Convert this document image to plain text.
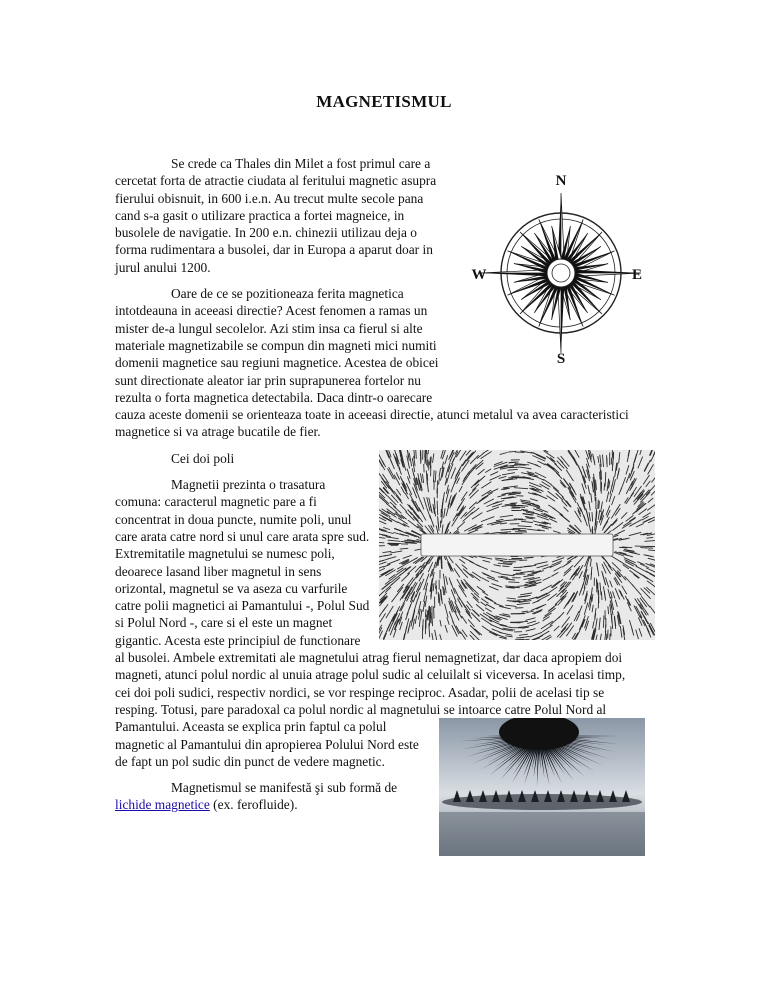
MAGNETISMUL
N
S
E
W

Se crede ca Thales din Milet a fost primul care a cercetat forta de atractie ciudata al feritului magnetic asupra fierului obisnuit, in 600 i.e.n. Au trecut multe secole pana cand s-a gasit o utilizare practica a fortei magneice, in busolele de navigatie. In 200 e.n. chinezii utilizau deja o forma rudimentara a busolei, dar in Europa a aparut doar in jurul anului 1200.

Oare de ce se pozitioneaza ferita magnetica intotdeauna in aceeasi directie? Acest fenomen a ramas un mister de-a lungul secolelor. Azi stim insa ca fierul si alte materiale magnetizabile se compun din magneti mici numiti domenii magnetice sau regiuni magnetice. Acestea de obicei sunt directionate aleator iar prin suprapunerea fortelor nu rezulta o forta magnetica detectabila. Daca dintr-o oarecare cauza aceste domenii se orienteaza toate in aceeasi directie, atunci metalul va avea caracteristici magnetice si va atrage bucatile de fier.

Cei doi poli

Magnetii prezinta o trasatura comuna: caracterul magnetic pare a fi concentrat in doua puncte, numite poli, unul care arata catre nord si unul care arata spre sud. Extremitatile magnetului se numesc poli, deoarece lasand liber magnetul in sens orizontal, magnetul se va aseza cu varfurile catre polii magnetici ai Pamantului -, Polul Sud si Polul Nord -, care si el este un magnet gigantic. Acesta este principiul de functionare al busolei. Ambele extremitati ale magnetului atrag fierul nemagnetizat, dar daca apropiem doi magneti, atunci polul nordic al unuia atrage polul sudic al celuilalt si viceversa. In acelasi timp, cei doi poli sudici, respectiv nordici, se vor respinge reciproc. Asadar, polii de acelasi tip se resping. Totusi, pare paradoxal ca polul nordic al magnetului se intoarce catre Polul Nord al Pamantului. Aceasta se explica prin faptul ca polul magnetic al Pamantului din apropierea Polului Nord este de fapt un pol sudic din punct de vedere magnetic.

Magnetismul se manifestă şi sub formă de lichide magnetice (ex. ferofluide).
